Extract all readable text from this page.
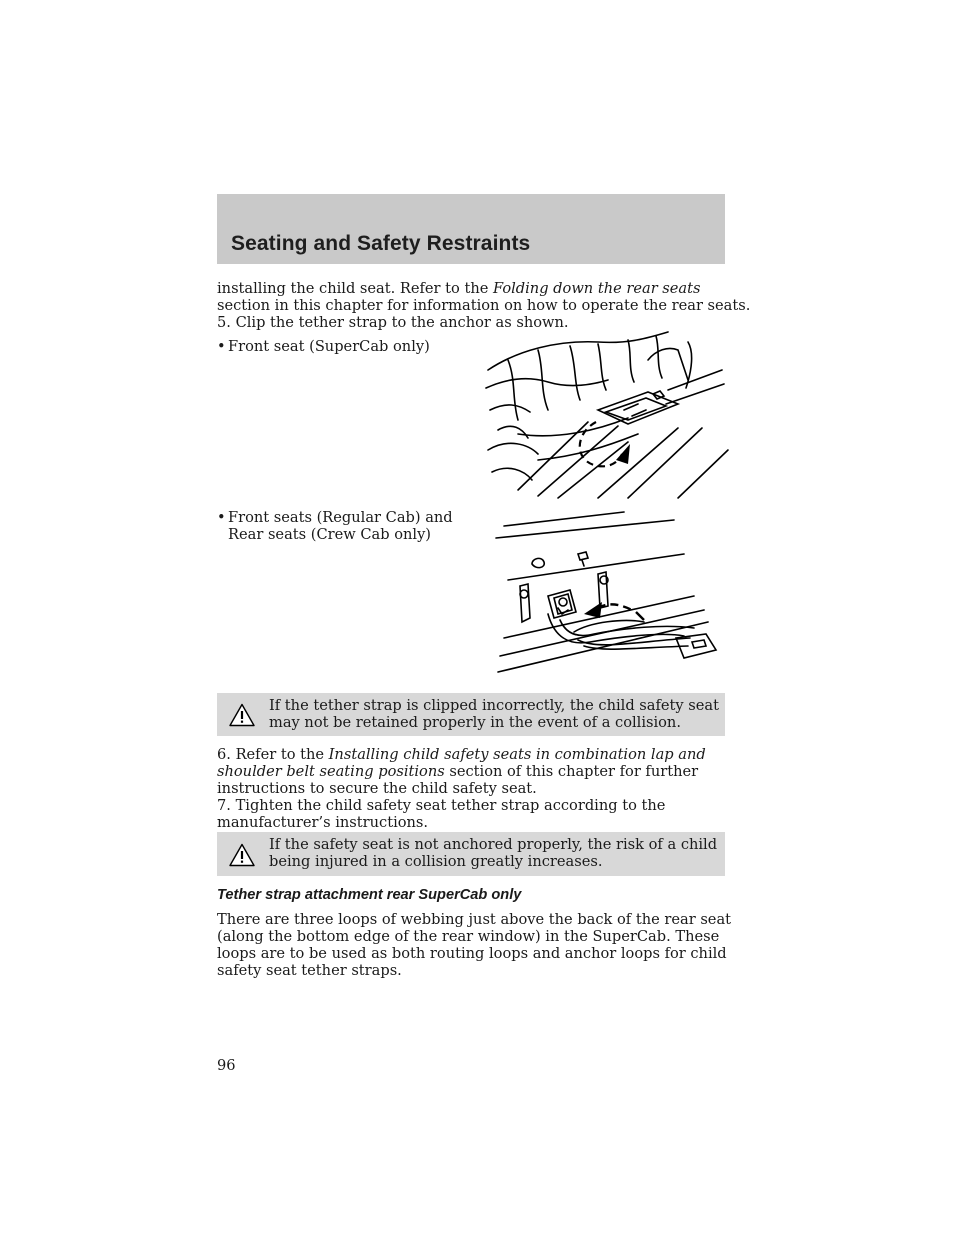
Seating and Safety Restraints

installing the child seat. Refer to the Folding down the rear seats

section in this chapter for information on how to operate the rear seats.

5. Clip the tether strap to the anchor as shown.

• Front seat (SuperCab only)
• Front seats (Regular Cab) and
Rear seats (Crew Cab only)
If the tether strap is clipped incorrectly, the child safety seat
may not be retained properly in the event of a collision.

6. Refer to the Installing child safety seats in combination lap and

shoulder belt seating positions section of this chapter for further

instructions to secure the child safety seat.

7. Tighten the child safety seat tether strap according to the

manufacturer’s instructions.

If the safety seat is not anchored properly, the risk of a child
being injured in a collision greatly increases.
Tether strap attachment rear SuperCab only

There are three loops of webbing just above the back of the rear seat

(along the bottom edge of the rear window) in the SuperCab. These

loops are to be used as both routing loops and anchor loops for child

safety seat tether straps.

96
